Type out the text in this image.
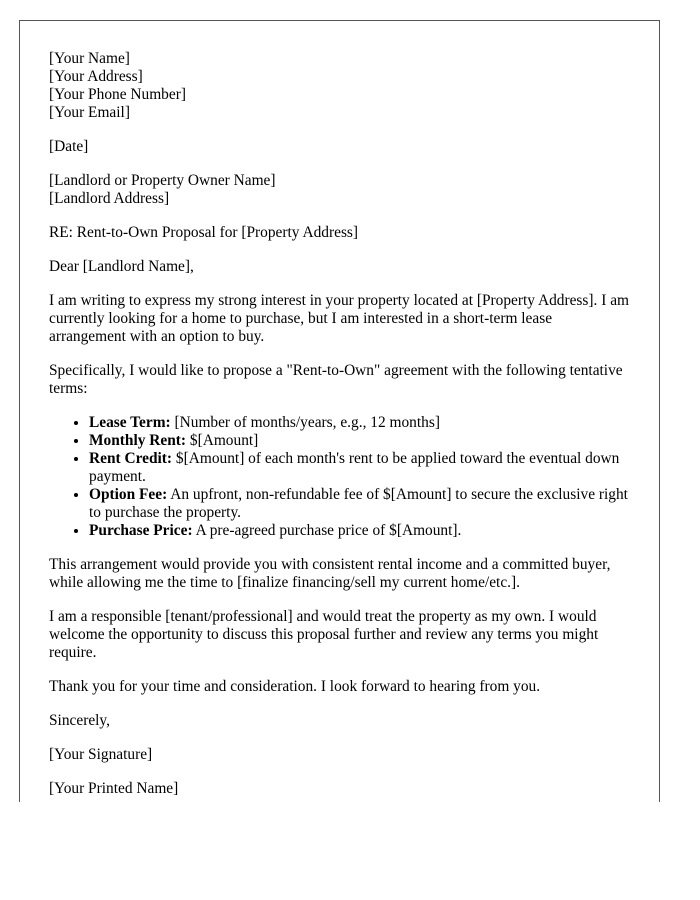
[Your Name]
[Your Address]
[Your Phone Number]
[Your Email]

[Date]

[Landlord or Property Owner Name]
[Landlord Address]

RE: Rent-to-Own Proposal for [Property Address]

Dear [Landlord Name],

I am writing to express my strong interest in your property located at [Property Address]. I am currently looking for a home to purchase, but I am interested in a short-term lease arrangement with an option to buy.

Specifically, I would like to propose a "Rent-to-Own" agreement with the following tentative terms:

• Lease Term: [Number of months/years, e.g., 12 months]
• Monthly Rent: $[Amount]
• Rent Credit: $[Amount] of each month's rent to be applied toward the eventual down payment.
• Option Fee: An upfront, non-refundable fee of $[Amount] to secure the exclusive right to purchase the property.
• Purchase Price: A pre-agreed purchase price of $[Amount].

This arrangement would provide you with consistent rental income and a committed buyer, while allowing me the time to [finalize financing/sell my current home/etc.].

I am a responsible [tenant/professional] and would treat the property as my own. I would welcome the opportunity to discuss this proposal further and review any terms you might require.

Thank you for your time and consideration. I look forward to hearing from you.

Sincerely,

[Your Signature]

[Your Printed Name]
